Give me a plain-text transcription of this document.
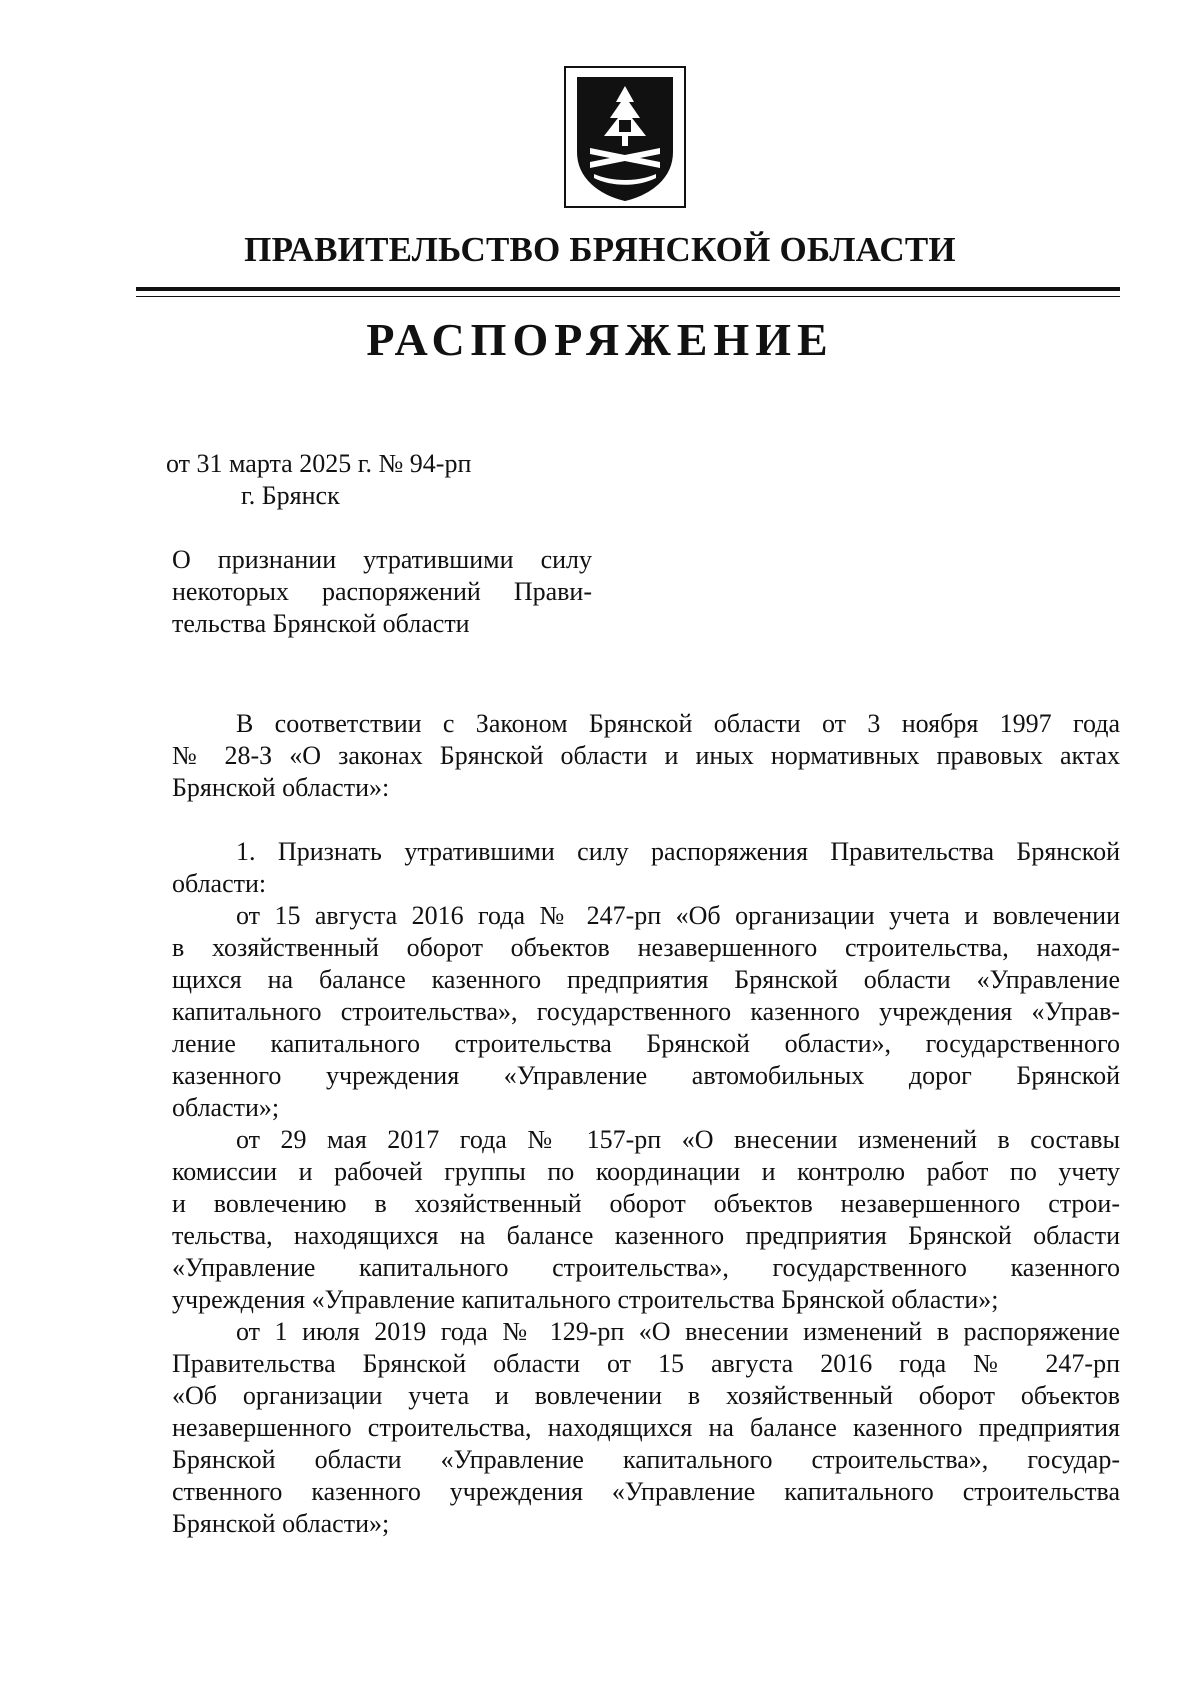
ПРАВИТЕЛЬСТВО БРЯНСКОЙ ОБЛАСТИ
РАСПОРЯЖЕНИЕ
от 31 марта 2025 г. № 94-рп
г. Брянск
О признании утратившими силу
некоторых распоряжений Прави-
тельства Брянской области
В соответствии с Законом Брянской области от 3 ноября 1997 года
№ 28-З «О законах Брянской области и иных нормативных правовых актах
Брянской области»:
1. Признать утратившими силу распоряжения Правительства Брянской
области:
от 15 августа 2016 года № 247-рп «Об организации учета и вовлечении
в хозяйственный оборот объектов незавершенного строительства, находя-
щихся на балансе казенного предприятия Брянской области «Управление
капитального строительства», государственного казенного учреждения «Управ-
ление капитального строительства Брянской области», государственного
казенного учреждения «Управление автомобильных дорог Брянской
области»;
от 29 мая 2017 года № 157-рп «О внесении изменений в составы
комиссии и рабочей группы по координации и контролю работ по учету
и вовлечению в хозяйственный оборот объектов незавершенного строи-
тельства, находящихся на балансе казенного предприятия Брянской области
«Управление капитального строительства», государственного казенного
учреждения «Управление капитального строительства Брянской области»;
от 1 июля 2019 года № 129-рп «О внесении изменений в распоряжение
Правительства Брянской области от 15 августа 2016 года № 247-рп
«Об организации учета и вовлечении в хозяйственный оборот объектов
незавершенного строительства, находящихся на балансе казенного предприятия
Брянской области «Управление капитального строительства», государ-
ственного казенного учреждения «Управление капитального строительства
Брянской области»;
